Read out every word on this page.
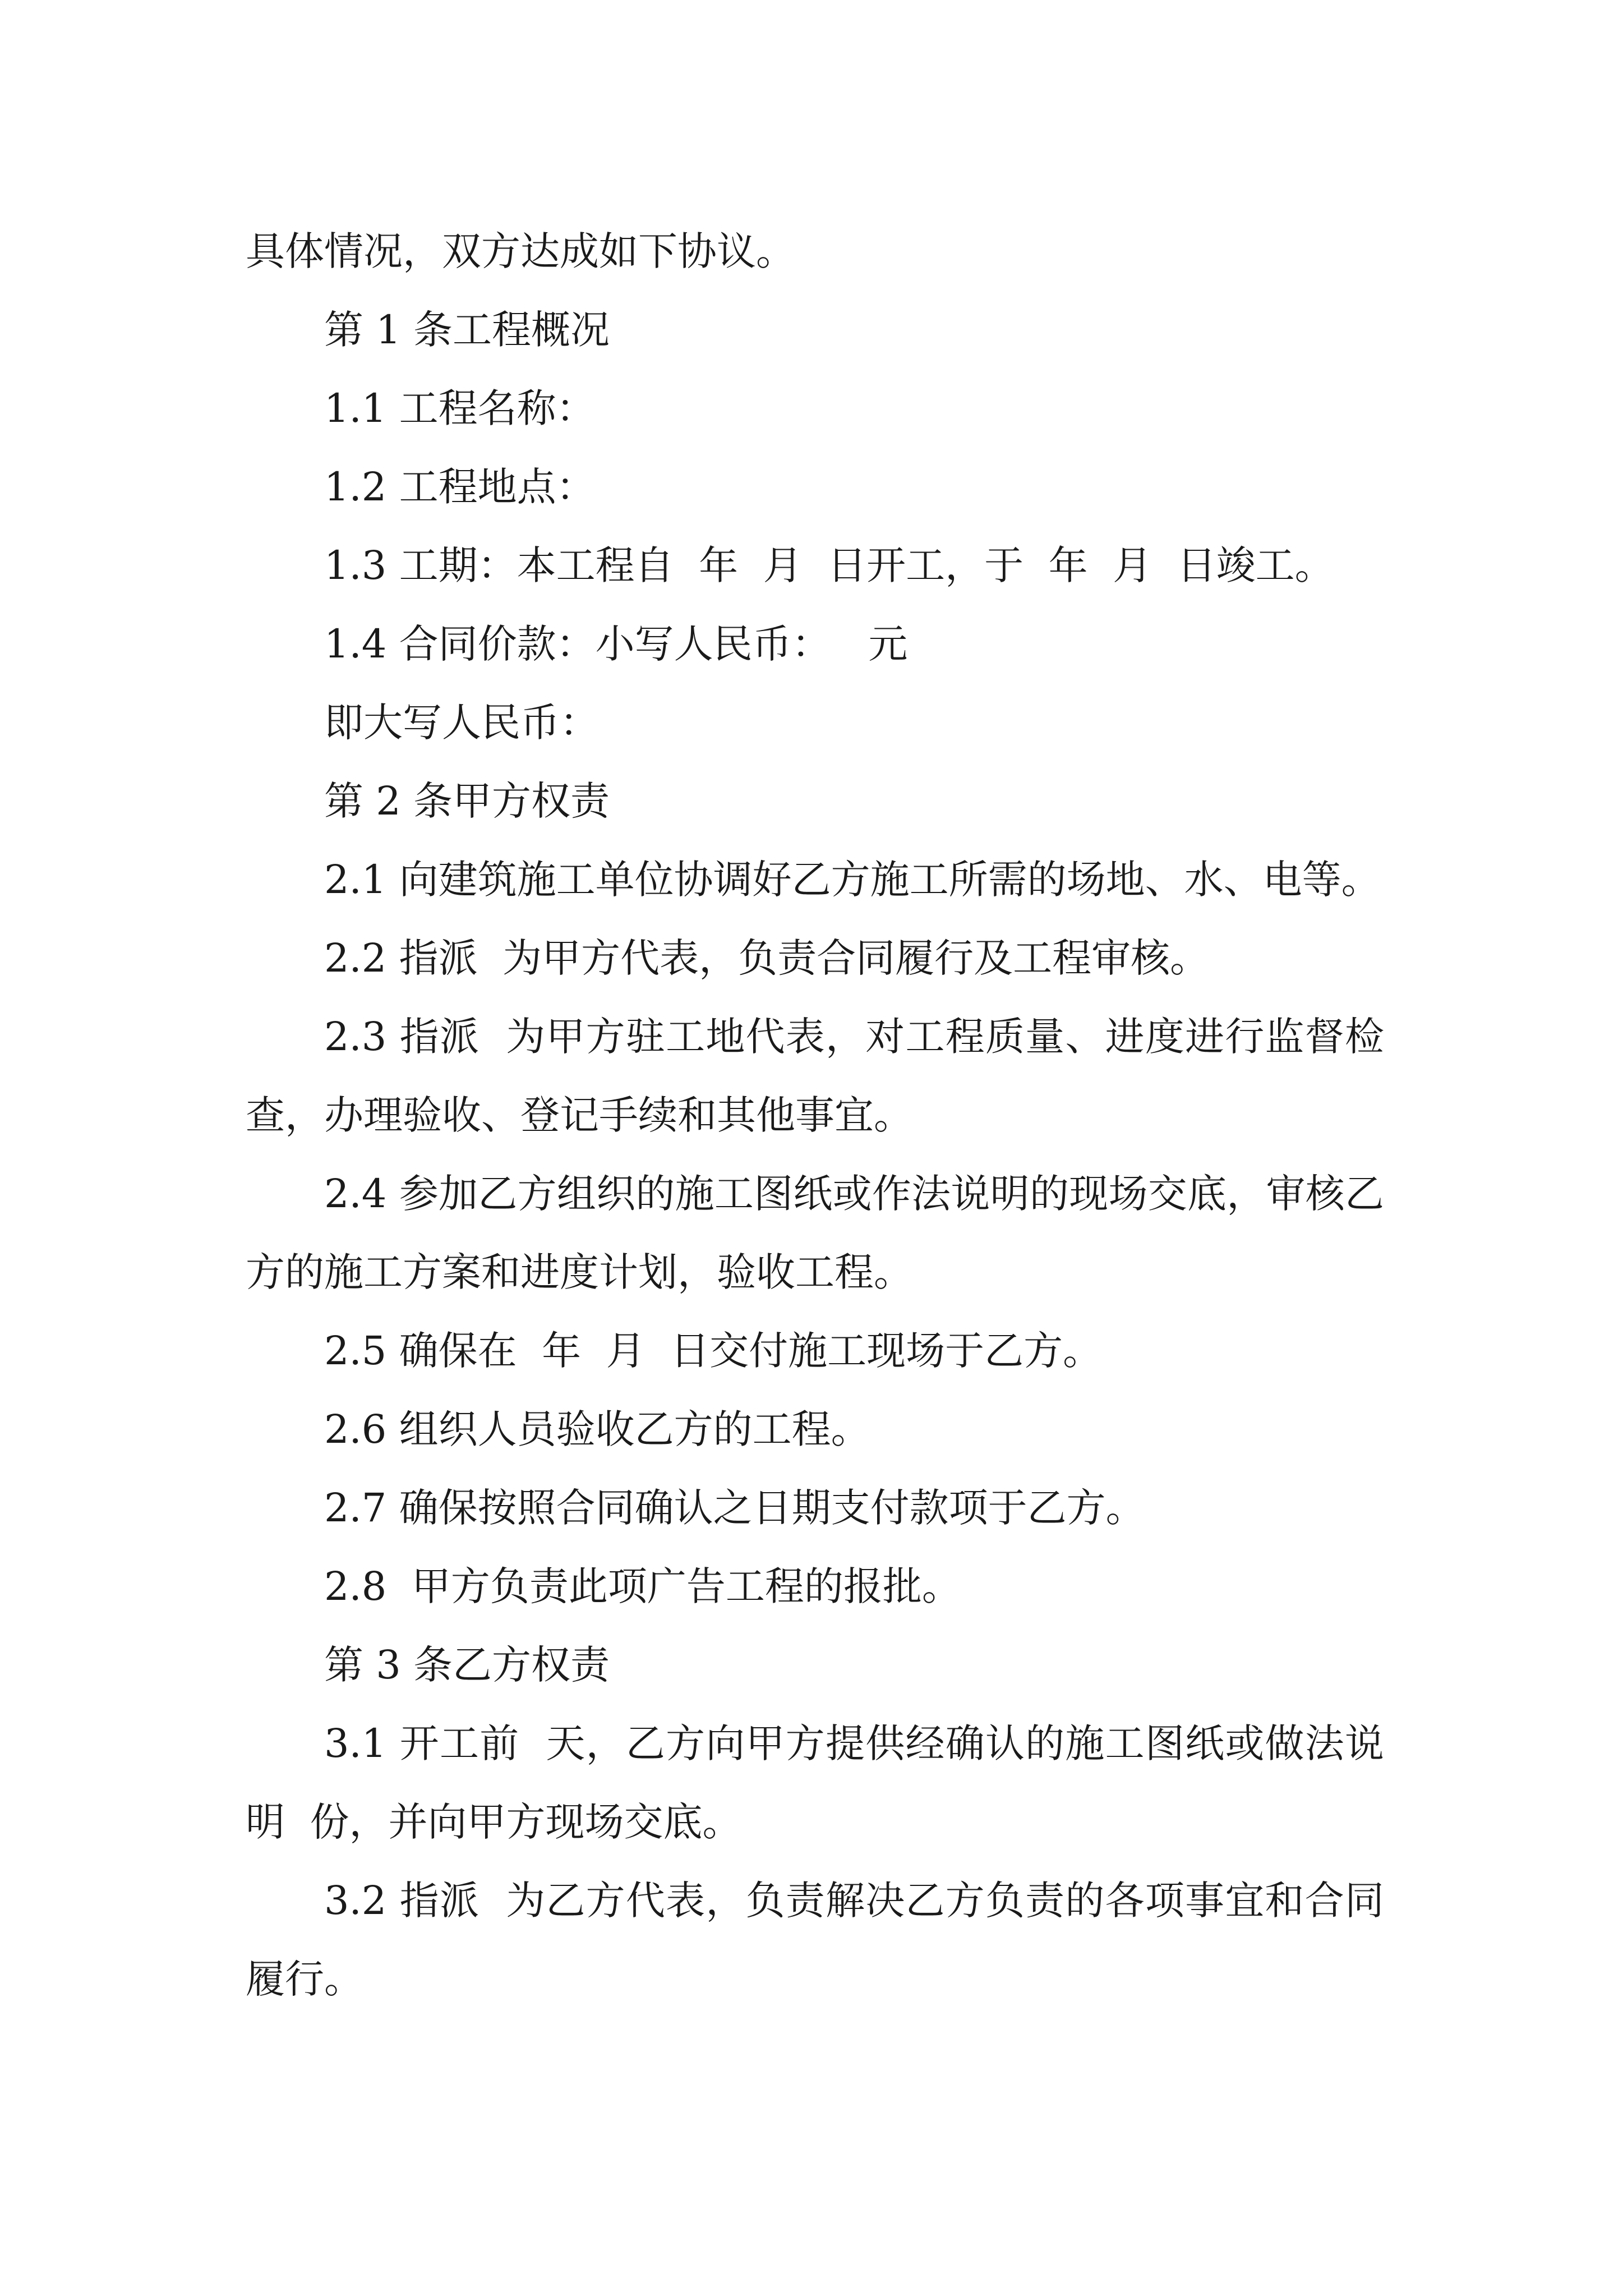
具体情况，双方达成如下协议。

第 1 条工程概况

1.1 工程名称：

1.2 工程地点：

1.3 工期：本工程自  年  月  日开工，于  年  月  日竣工。

1.4 合同价款：小写人民币：   元

即大写人民币：

第 2 条甲方权责

2.1 向建筑施工单位协调好乙方施工所需的场地、水、电等。

2.2 指派  为甲方代表，负责合同履行及工程审核。

2.3 指派  为甲方驻工地代表，对工程质量、进度进行监督检查，办理验收、登记手续和其他事宜。

2.4 参加乙方组织的施工图纸或作法说明的现场交底，审核乙方的施工方案和进度计划，验收工程。

2.5 确保在  年  月  日交付施工现场于乙方。

2.6 组织人员验收乙方的工程。

2.7 确保按照合同确认之日期支付款项于乙方。

2.8  甲方负责此项广告工程的报批。

第 3 条乙方权责

3.1 开工前  天，乙方向甲方提供经确认的施工图纸或做法说明  份，并向甲方现场交底。

3.2 指派  为乙方代表，负责解决乙方负责的各项事宜和合同履行。
